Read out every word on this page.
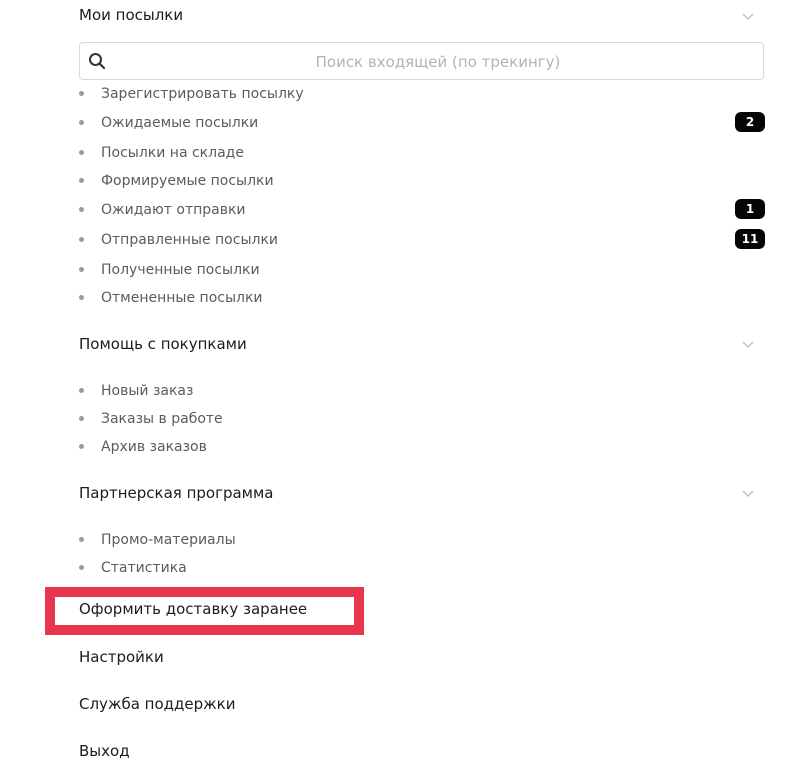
Мои посылки
Поиск входящей (по трекингу)
Зарегистрировать посылку
Ожидаемые посылки	2
Посылки на складе
Формируемые посылки
Ожидают отправки	1
Отправленные посылки	11
Полученные посылки
Отмененные посылки
Помощь с покупками
Новый заказ
Заказы в работе
Архив заказов
Партнерская программа
Промо-материалы
Статистика
Оформить доставку заранее
Настройки
Служба поддержки
Выход
